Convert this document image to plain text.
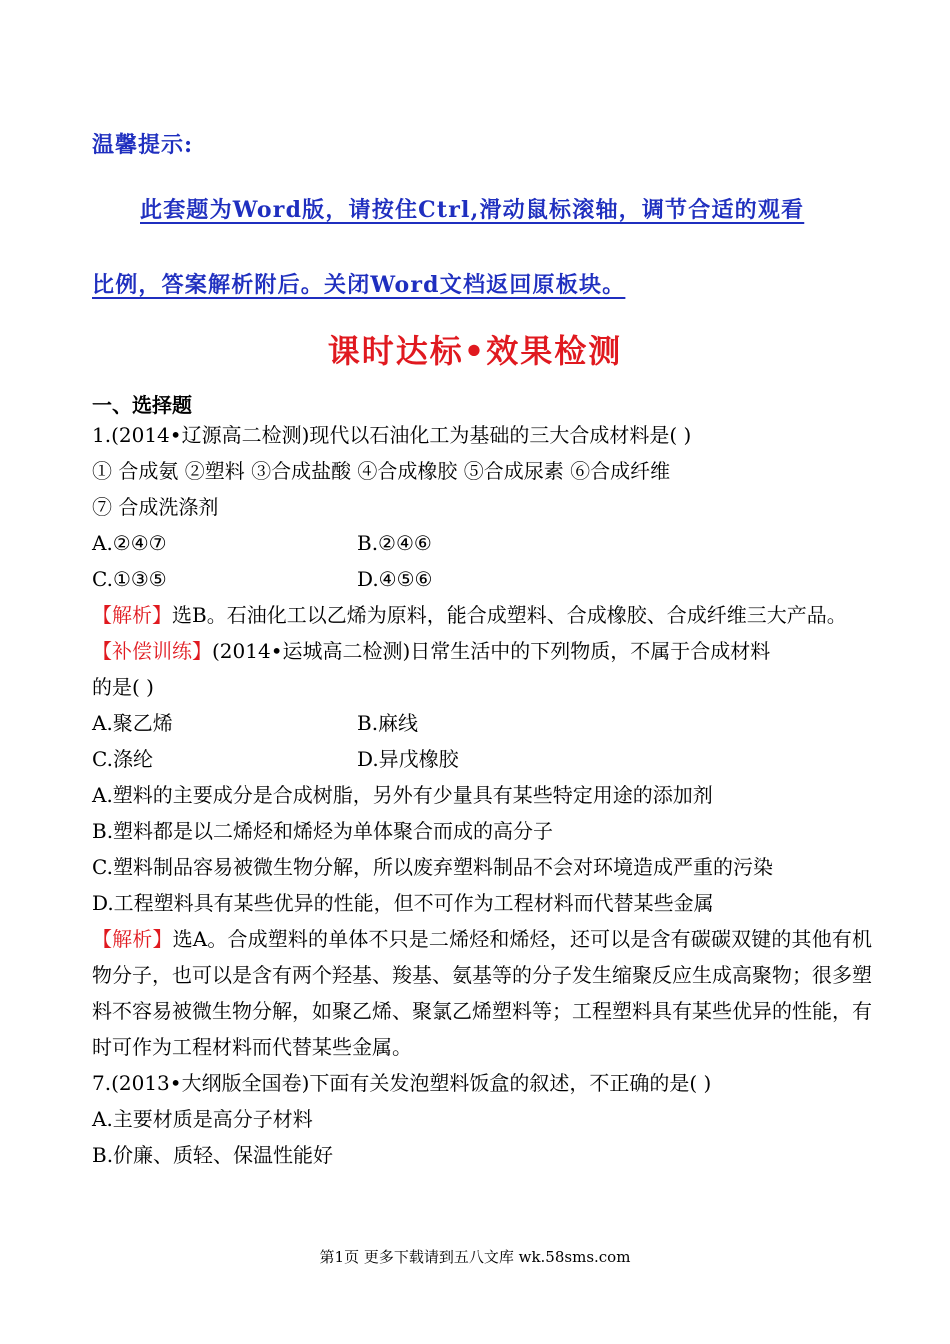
温馨提示:
此套题为Word版，请按住Ctrl,滑动鼠标滚轴，调节合适的观看
比例，答案解析附后。关闭Word文档返回原板块。
课时达标•效果检测
一、选择题
1.(2014•辽源高二检测)现代以石油化工为基础的三大合成材料是( )
① 合成氨 ②塑料 ③合成盐酸 ④合成橡胶 ⑤合成尿素 ⑥合成纤维
⑦ 合成洗涤剂
A.②④⑦	B.②④⑥
C.①③⑤	D.④⑤⑥
【解析】选B。石油化工以乙烯为原料，能合成塑料、合成橡胶、合成纤维三大产品。
【补偿训练】(2014•运城高二检测)日常生活中的下列物质，不属于合成材料
的是( )
A.聚乙烯	B.麻线
C.涤纶	D.异戊橡胶
A.塑料的主要成分是合成树脂，另外有少量具有某些特定用途的添加剂
B.塑料都是以二烯烃和烯烃为单体聚合而成的高分子
C.塑料制品容易被微生物分解，所以废弃塑料制品不会对环境造成严重的污染
D.工程塑料具有某些优异的性能，但不可作为工程材料而代替某些金属
【解析】选A。合成塑料的单体不只是二烯烃和烯烃，还可以是含有碳碳双键的其他有机物分子，也可以是含有两个羟基、羧基、氨基等的分子发生缩聚反应生成高聚物；很多塑料不容易被微生物分解，如聚乙烯、聚氯乙烯塑料等；工程塑料具有某些优异的性能，有时可作为工程材料而代替某些金属。
7.(2013•大纲版全国卷)下面有关发泡塑料饭盒的叙述，不正确的是( )
A.主要材质是高分子材料
B.价廉、质轻、保温性能好
第1页 更多下载请到五八文库 wk.58sms.com
